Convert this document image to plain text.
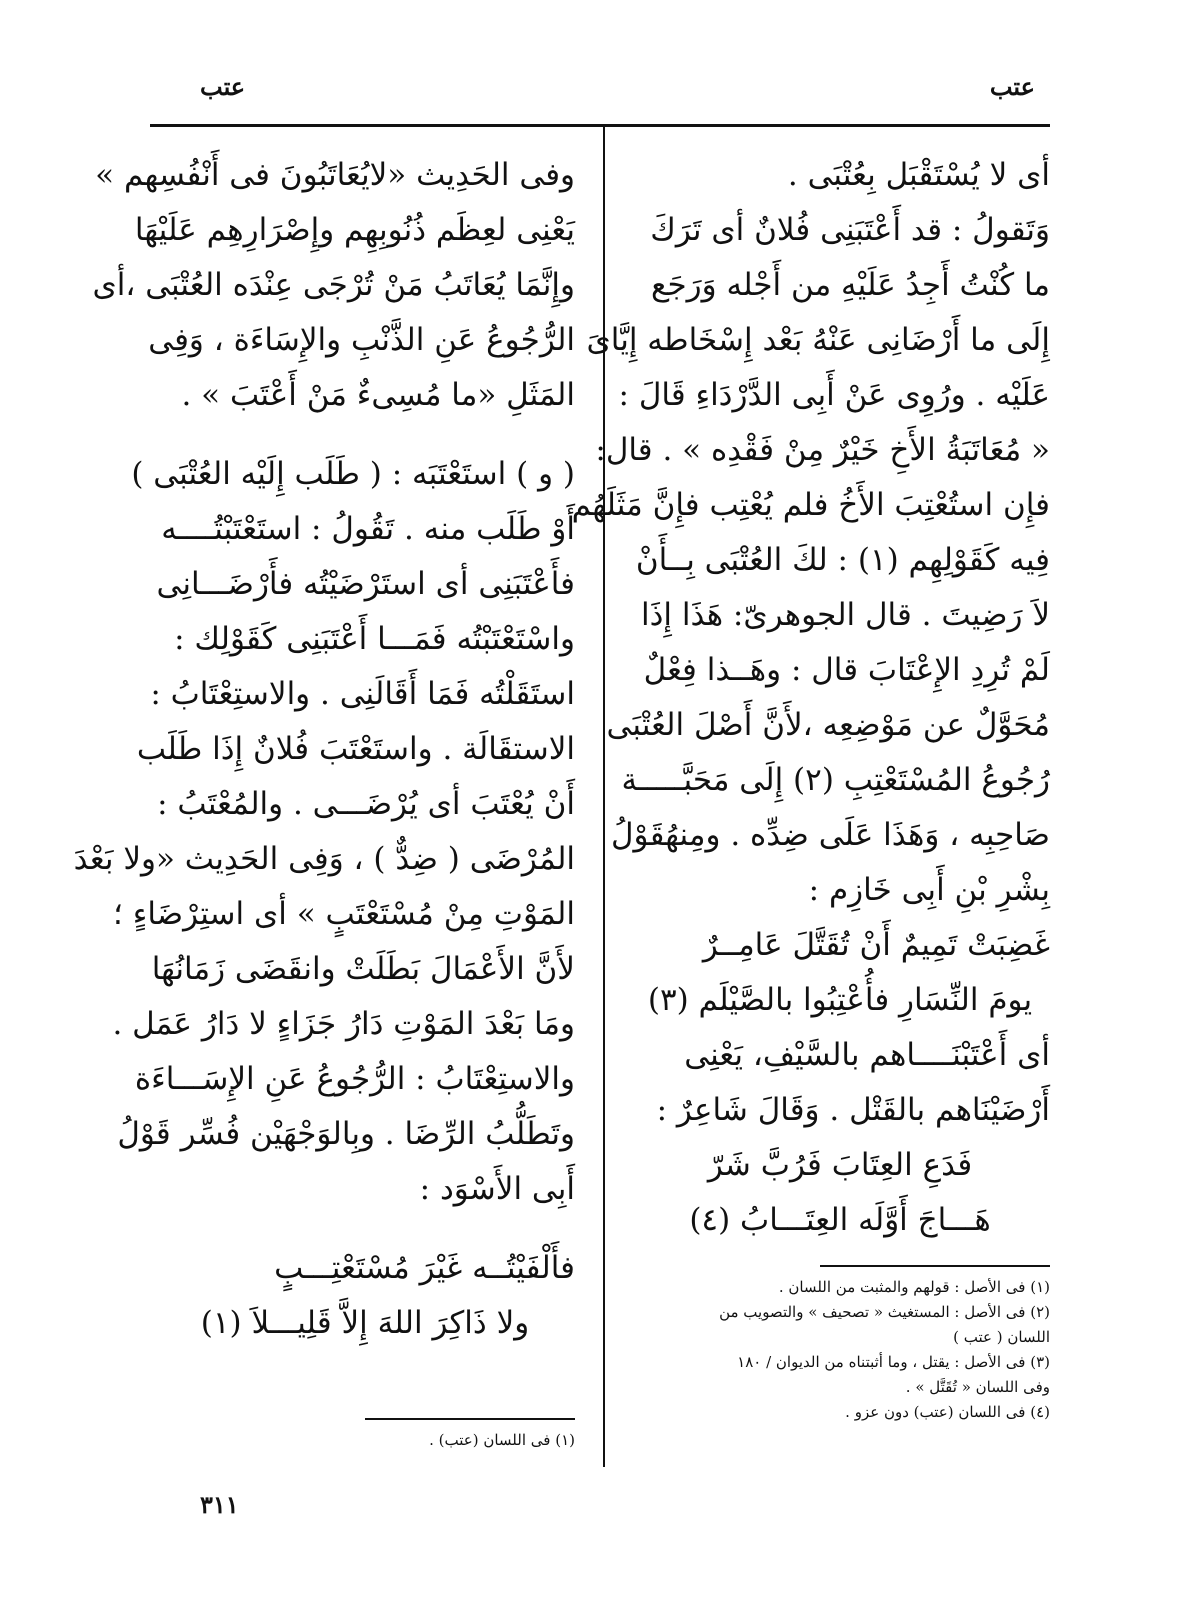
عتب
عتب
أى لا يُسْتَقْبَل بِعُتْبَى .
وَتَقولُ : قد أَعْتَبَنِى فُلانٌ أى تَرَكَ
ما كُنْتُ أَجِدُ عَلَيْهِ من أَجْله وَرَجَع
إِلَى ما أَرْضَانِى عَنْهُ بَعْد إِسْخَاطه إِيَّاىَ
عَلَيْه . ورُوِى عَنْ أَبِى الدَّرْدَاءِ قَالَ :
« مُعَاتَبَةُ الأَخِ خَيْرٌ مِنْ فَقْدِه » . قال:
فإِن استُعْتِبَ الأَخُ فلم يُعْتِب فإِنَّ مَثَلَهُم
فِيه كَقَوْلِهِم (١) : لكَ العُتْبَى بِــأَنْ
لاَ رَضِيتَ . قال الجوهرىّ: هَذَا إِذَا
لَمْ تُرِدِ الإِعْتَابَ قال : وهَــذا فِعْلٌ
مُحَوَّلٌ عن مَوْضِعِه ،لأَنَّ أَصْلَ العُتْبَى
رُجُوعُ المُسْتَعْتِبِ (٢) إِلَى مَحَبَّـــــة
صَاحِبِه ، وَهَذَا عَلَى ضِدِّه . ومِنهُقَوْلُ
بِشْرِ بْنِ أَبِى خَازِم :
غَضِبَتْ تَمِيمٌ أَنْ تُقَتَّلَ عَامِــرٌ
يومَ النِّسَارِ فأُعْتِبُوا بالصَّيْلَم (٣)
أى أَعْتَبْنَــــاهم بالسَّيْفِ، يَعْنِى
أَرْضَيْنَاهم بالقَتْل . وَقَالَ شَاعِرٌ :
فَدَعِ العِتَابَ فَرُبَّ شَرّ
هَـــاجَ أَوَّلَه العِتَـــابُ (٤)
(١) فى الأصل : قولهم والمثبت من اللسان .
(٢) فى الأصل : المستغيث « تصحيف » والتصويب من
اللسان ( عتب )
(٣) فى الأصل : يقتل ، وما أثبتناه من الديوان / ١٨٠
وفى اللسان « تُقَتَّل » .
(٤) فى اللسان (عتب) دون عزو .
وفى الحَدِيث «لايُعَاتَبُونَ فى أَنْفُسِهم »
يَعْنِى لعِظَم ذُنُوبِهِم وإِصْرَارِهِم عَلَيْهَا
وإِنَّمَا يُعَاتَبُ مَنْ تُرْجَى عِنْدَه العُتْبَى ،أى
الرُّجُوعُ عَنِ الذَّنْبِ والإِسَاءَة ، وَفِى
المَثَلِ «ما مُسِىءٌ مَنْ أَعْتَبَ » .
( و ) استَعْتَبَه : ( طَلَب إِلَيْه العُتْبَى )
أَوْ طَلَب منه . تَقُولُ : استَعْتَبْتُــــه
فأَعْتَبَنِى أى استَرْضَيْتُه فأَرْضَـــانِى
واسْتَعْتَبْتُه فَمَـــا أَعْتَبَنِى كَقَوْلِك :
استَقَلْتُه فَمَا أَقَالَنِى . والاستِعْتَابُ :
الاستقَالَة . واستَعْتَبَ فُلانٌ إِذَا طَلَب
أَنْ يُعْتَبَ أى يُرْضَـــى . والمُعْتَبُ :
المُرْضَى ( ضِدٌّ ) ، وَفِى الحَدِيث «ولا بَعْدَ
المَوْتِ مِنْ مُسْتَعْتَبٍ » أى استِرْضَاءٍ ؛
لأَنَّ الأَعْمَالَ بَطَلَتْ وانقَضَى زَمَانُهَا
ومَا بَعْدَ المَوْتِ دَارُ جَزَاءٍ لا دَارُ عَمَل .
والاستِعْتَابُ : الرُّجُوعُ عَنِ الإِسَـــاءَة
وتَطَلُّبُ الرِّضَا . وبِالوَجْهَيْن فُسِّر قَوْلُ
أَبِى الأَسْوَد :
فأَلْفَيْتُــه غَيْرَ مُسْتَعْتِـــبٍ
ولا ذَاكِرَ اللهَ إِلاَّ قَلِيـــلاَ (١)
(١) فى اللسان (عتب) .
٣١١
